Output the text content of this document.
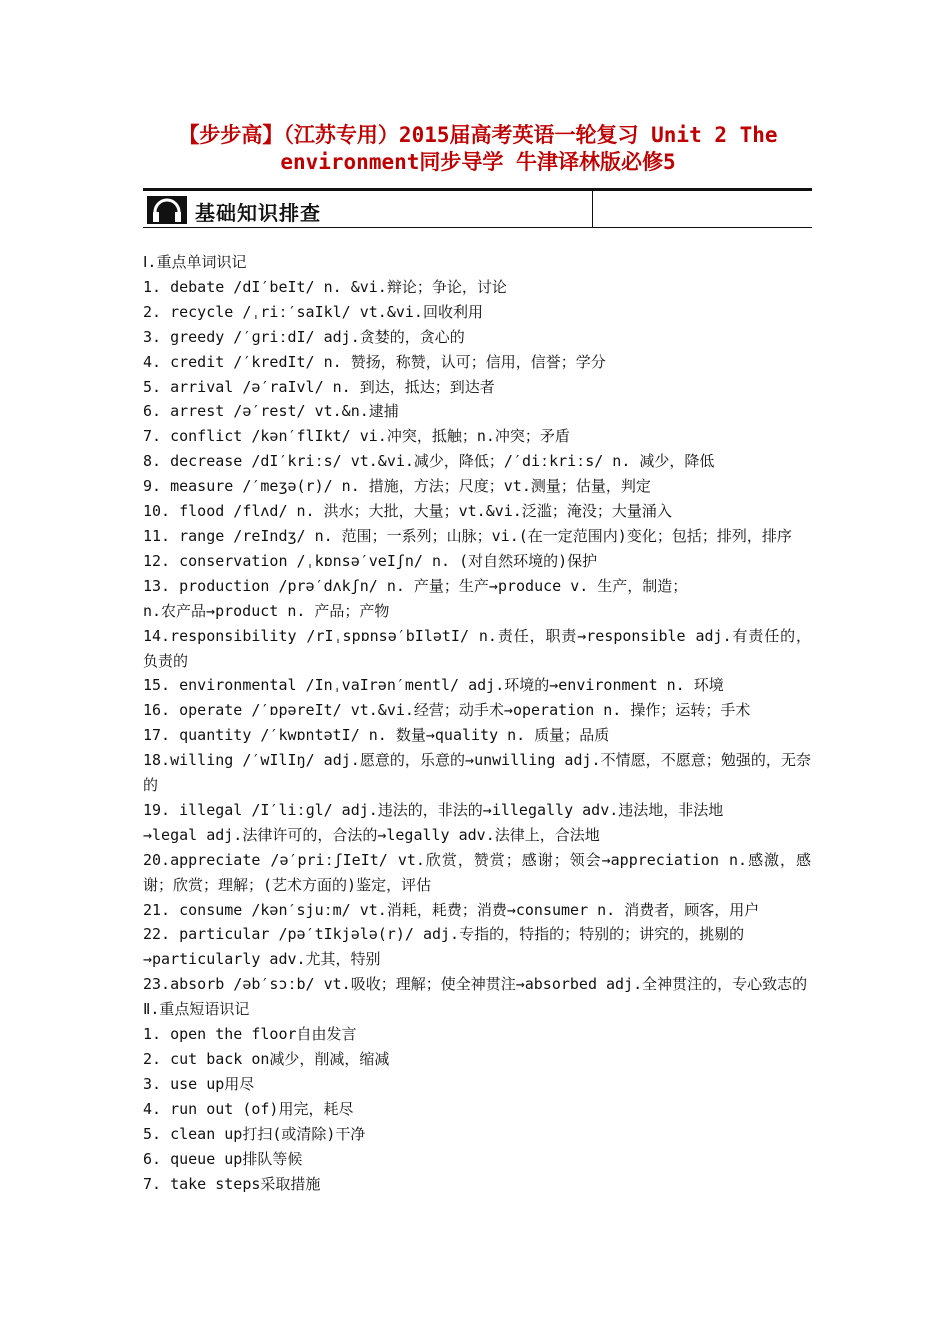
【步步高】（江苏专用）2015届高考英语一轮复习 Unit 2 The
environment同步导学 牛津译林版必修5
基础知识排查
Ⅰ.重点单词识记
1. debate /dI′beIt/ n. &vi.辩论；争论，讨论
2. recycle /ˌriː′saIkl/ vt.&vi.回收利用
3. greedy /′ɡriːdI/ adj.贪婪的，贪心的
4. credit /′kredIt/ n. 赞扬，称赞，认可；信用，信誉；学分
5. arrival /ə′raIvl/ n. 到达，抵达；到达者
6. arrest /ə′rest/ vt.&n.逮捕
7. conflict /kən′flIkt/ vi.冲突，抵触；n.冲突；矛盾
8. decrease /dI′kriːs/ vt.&vi.减少，降低；/′diːkriːs/ n. 减少，降低
9. measure /′meʒə(r)/ n. 措施，方法；尺度；vt.测量；估量，判定
10. flood /flʌd/ n. 洪水；大批，大量；vt.&vi.泛滥；淹没；大量涌入
11. range /reIndʒ/ n. 范围；一系列；山脉；vi.(在一定范围内)变化；包括；排列，排序
12. conservation /ˌkɒnsə′veIʃn/ n. (对自然环境的)保护
13. production /prə′dʌkʃn/ n. 产量；生产→produce v. 生产，制造；
n.农产品→product n. 产品；产物
14.responsibility /rIˌspɒnsə′bIlətI/ n.责任，职责→responsible adj.有责任的，负责的
15. environmental /InˌvaIrən′mentl/ adj.环境的→environment n. 环境
16. operate /′ɒpəreIt/ vt.&vi.经营；动手术→operation n. 操作；运转；手术
17. quantity /′kwɒntətI/ n. 数量→quality n. 质量；品质
18.willing /′wIlIŋ/ adj.愿意的，乐意的→unwilling adj.不情愿，不愿意；勉强的，无奈的
19. illegal /I′liːɡl/ adj.违法的，非法的→illegally adv.违法地，非法地
→legal adj.法律许可的，合法的→legally adv.法律上，合法地
20.appreciate /ə′priːʃIeIt/ vt.欣赏，赞赏；感谢；领会→appreciation n.感激，感谢；欣赏；理解；(艺术方面的)鉴定，评估
21. consume /kən′sjuːm/ vt.消耗，耗费；消费→consumer n. 消费者，顾客，用户
22. particular /pə′tIkjələ(r)/ adj.专指的，特指的；特别的；讲究的，挑剔的
→particularly adv.尤其，特别
23.absorb /əb′sɔːb/ vt.吸收；理解；使全神贯注→absorbed adj.全神贯注的，专心致志的
Ⅱ.重点短语识记
1. open the floor自由发言
2. cut back on减少，削减，缩减
3. use up用尽
4. run out (of)用完，耗尽
5. clean up打扫(或清除)干净
6. queue up排队等候
7. take steps采取措施
